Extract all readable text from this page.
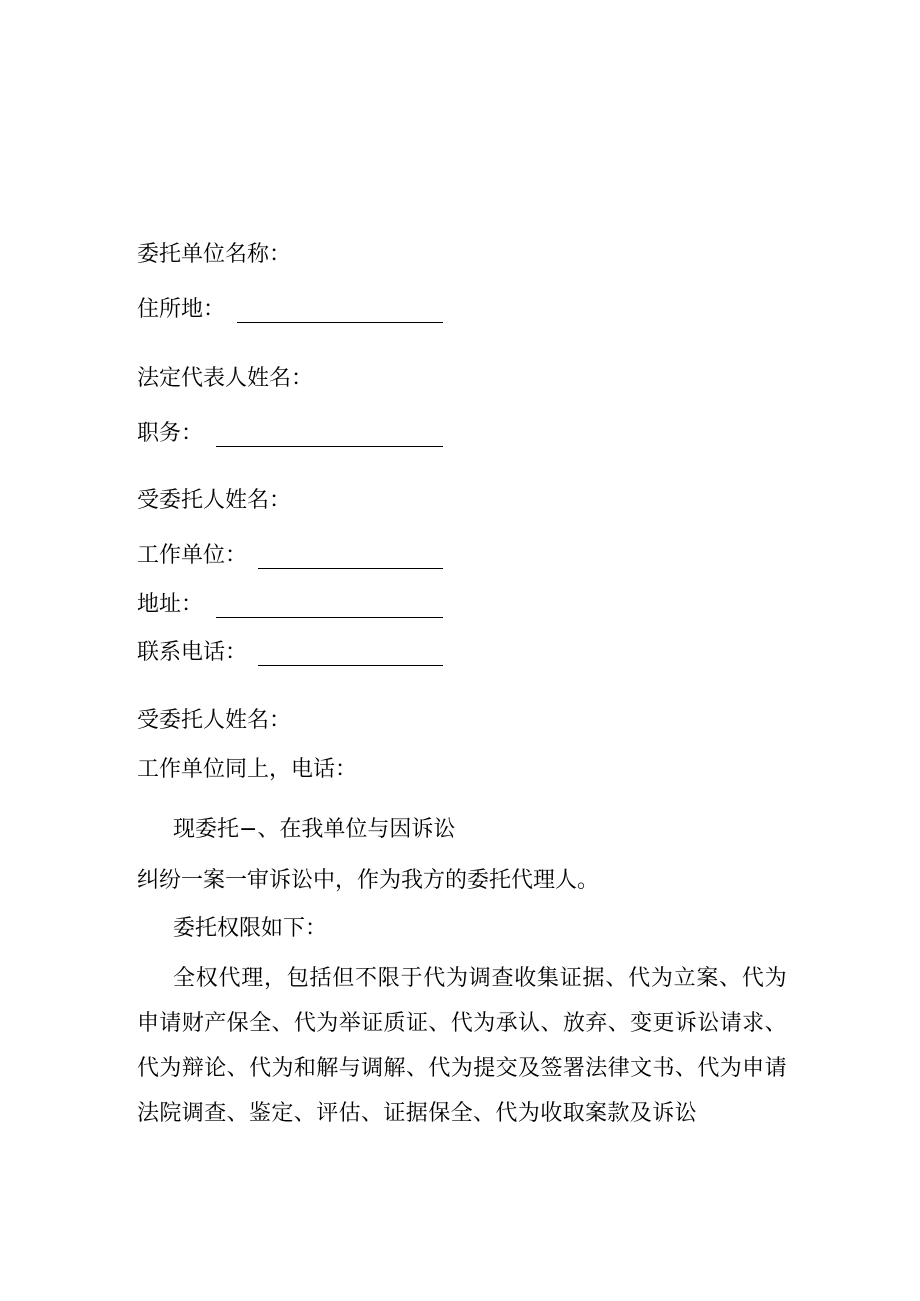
委托单位名称：
住所地：
法定代表人姓名：
职务：
受委托人姓名：
工作单位：
地址：
联系电话：
受委托人姓名：
工作单位同上，电话：
现委托−、在我单位与因诉讼
纠纷一案一审诉讼中，作为我方的委托代理人。
委托权限如下：
全权代理，包括但不限于代为调查收集证据、代为立案、代为申请财产保全、代为举证质证、代为承认、放弃、变更诉讼请求、代为辩论、代为和解与调解、代为提交及签署法律文书、代为申请法院调查、鉴定、评估、证据保全、代为收取案款及诉讼
